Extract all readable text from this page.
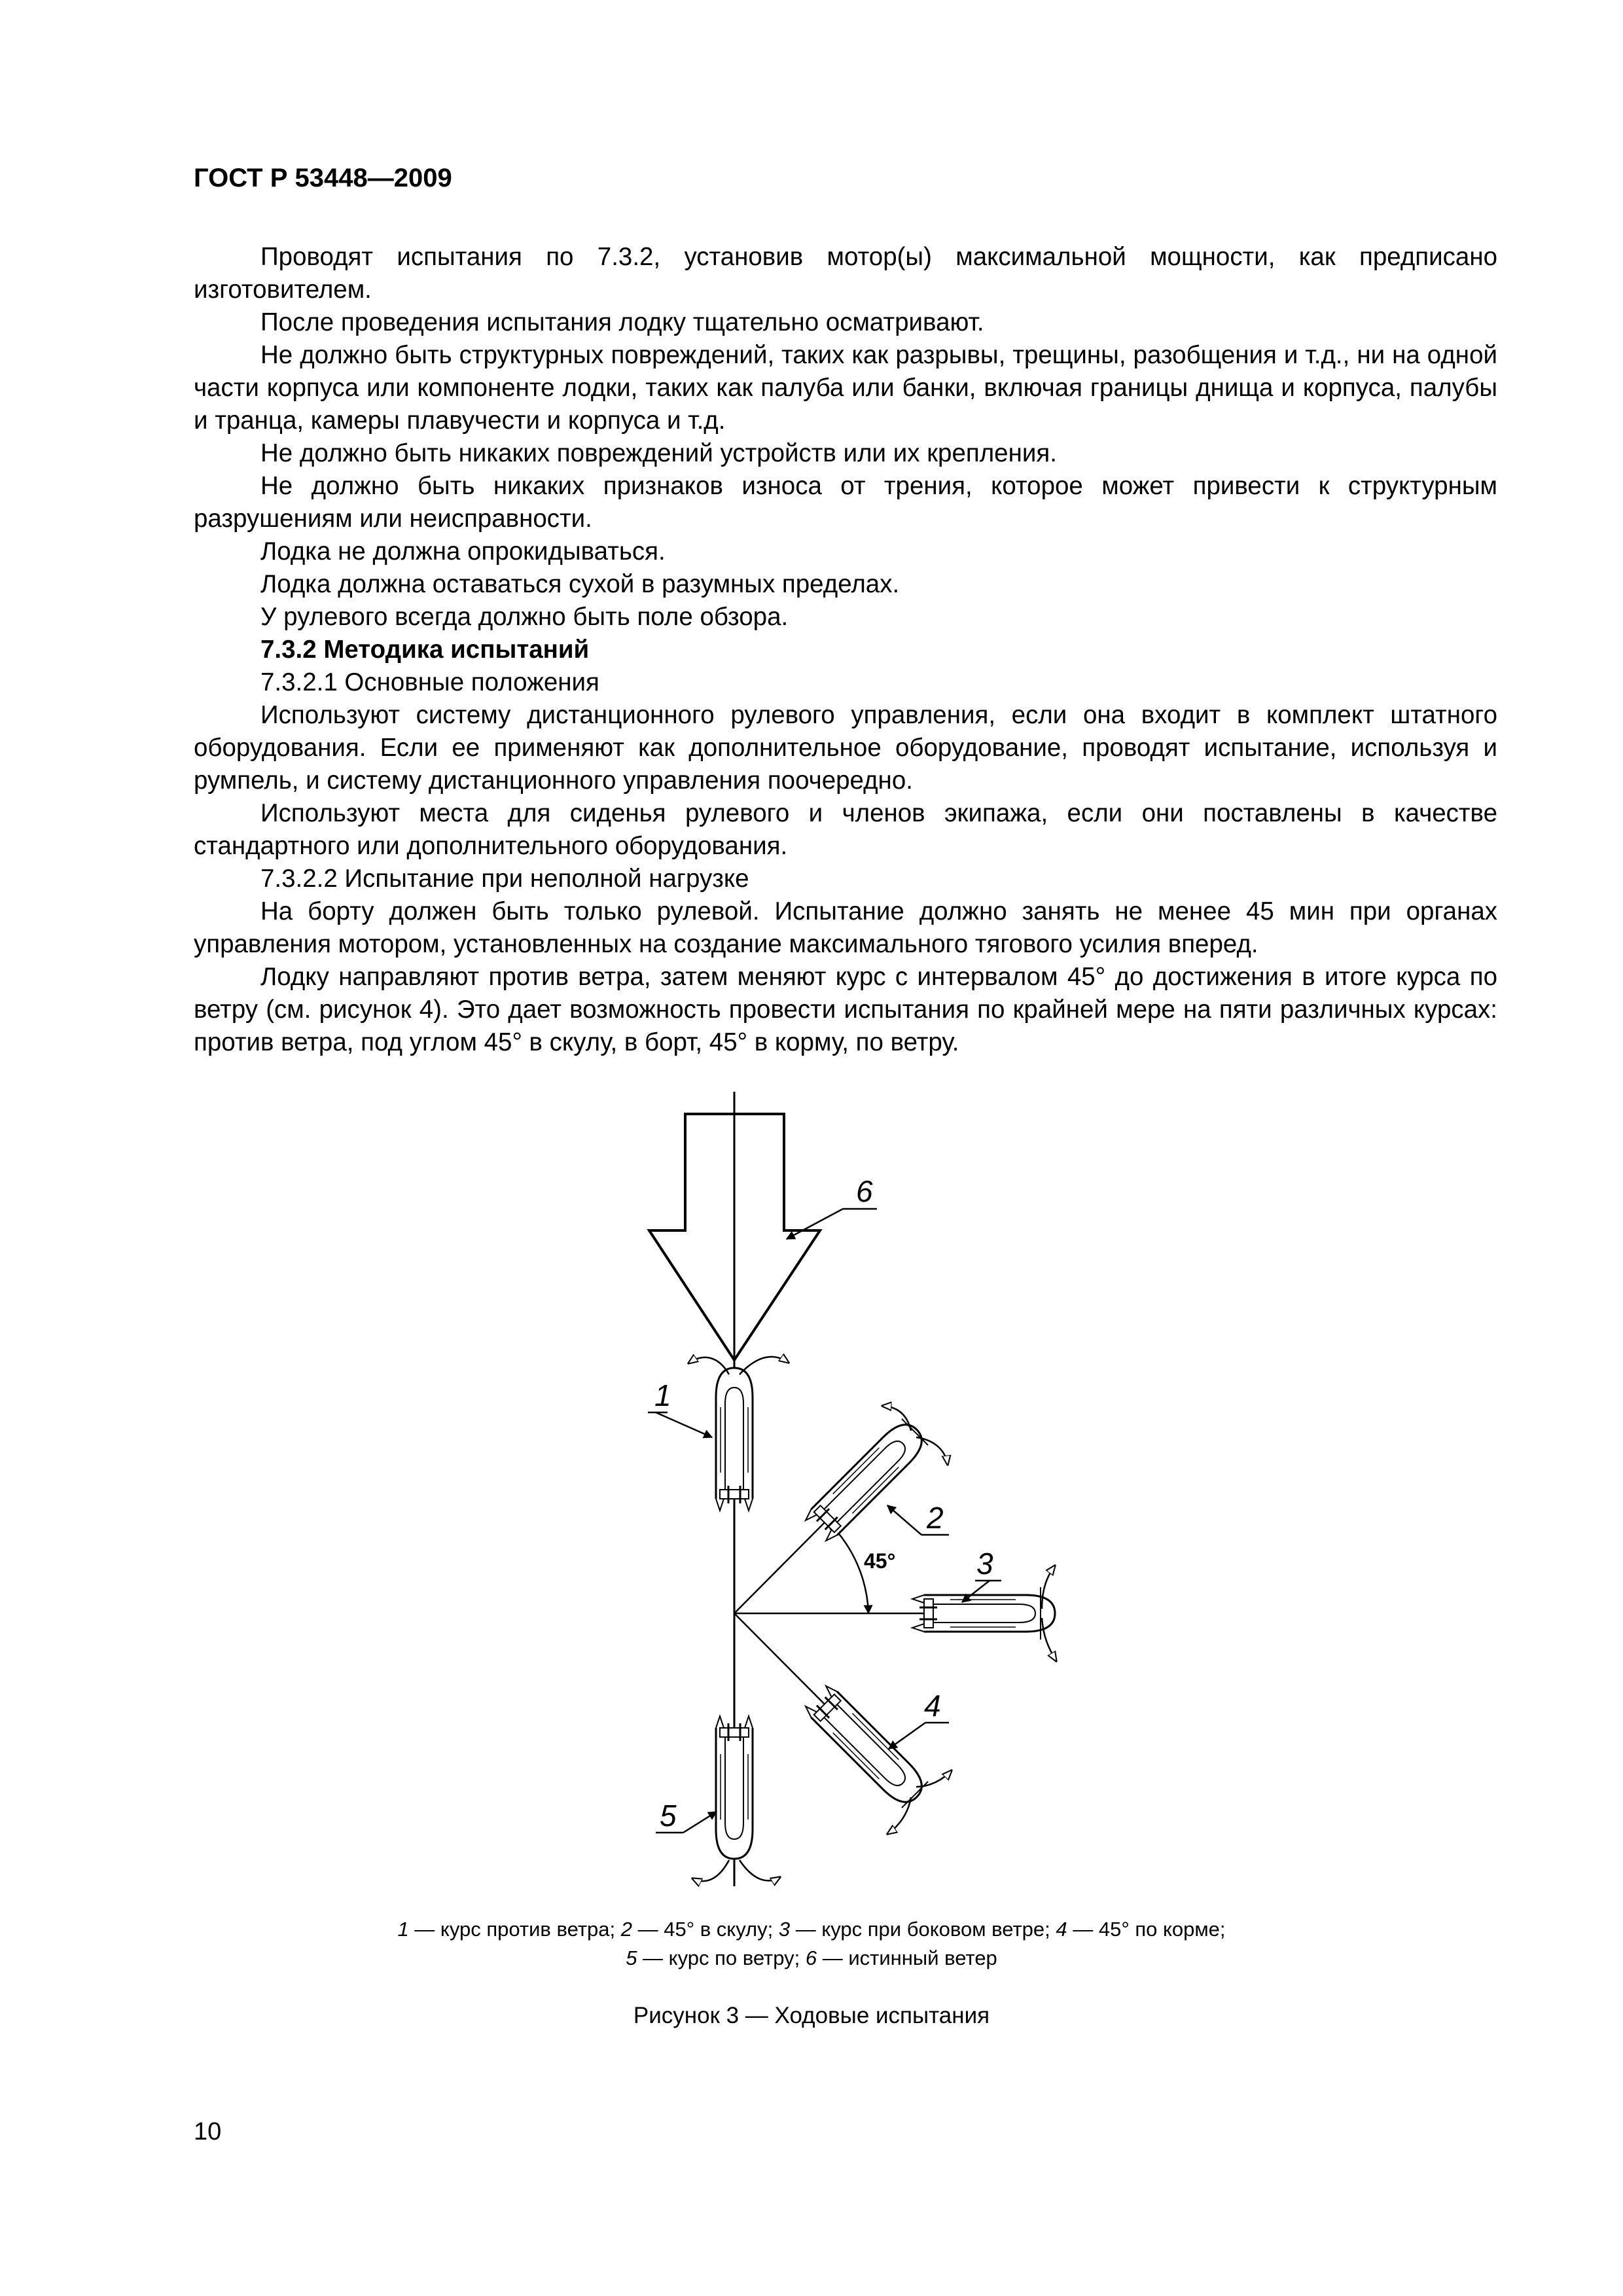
ГОСТ Р 53448—2009

Проводят испытания по 7.3.2, установив мотор(ы) максимальной мощности, как предписано изготовителем.

После проведения испытания лодку тщательно осматривают.

Не должно быть структурных повреждений, таких как разрывы, трещины, разобщения и т.д., ни на одной части корпуса или компоненте лодки, таких как палуба или банки, включая границы днища и корпуса, палубы и транца, камеры плавучести и корпуса и т.д.

Не должно быть никаких повреждений устройств или их крепления.

Не должно быть никаких признаков износа от трения, которое может привести к структурным разрушениям или неисправности.

Лодка не должна опрокидываться.

Лодка должна оставаться сухой в разумных пределах.

У рулевого всегда должно быть поле обзора.

7.3.2 Методика испытаний

7.3.2.1 Основные положения

Используют систему дистанционного рулевого управления, если она входит в комплект штатного оборудования. Если ее применяют как дополнительное оборудование, проводят испытание, используя и румпель, и систему дистанционного управления поочередно.

Используют места для сиденья рулевого и членов экипажа, если они поставлены в качестве стандартного или дополнительного оборудования.

7.3.2.2 Испытание при неполной нагрузке

На борту должен быть только рулевой. Испытание должно занять не менее 45 мин при органах управления мотором, установленных на создание максимального тягового усилия вперед.

Лодку направляют против ветра, затем меняют курс с интервалом 45° до достижения в итоге курса по ветру (см. рисунок 4). Это дает возможность провести испытания по крайней мере на пяти различных курсах: против ветра, под углом 45° в скулу, в борт, 45° в корму, по ветру.

6
1
2
3
4
5
45°
1 — курс против ветра; 2 — 45° в скулу; 3 — курс при боковом ветре; 4 — 45° по корме;
5 — курс по ветру; 6 — истинный ветер
Рисунок 3 — Ходовые испытания
10
